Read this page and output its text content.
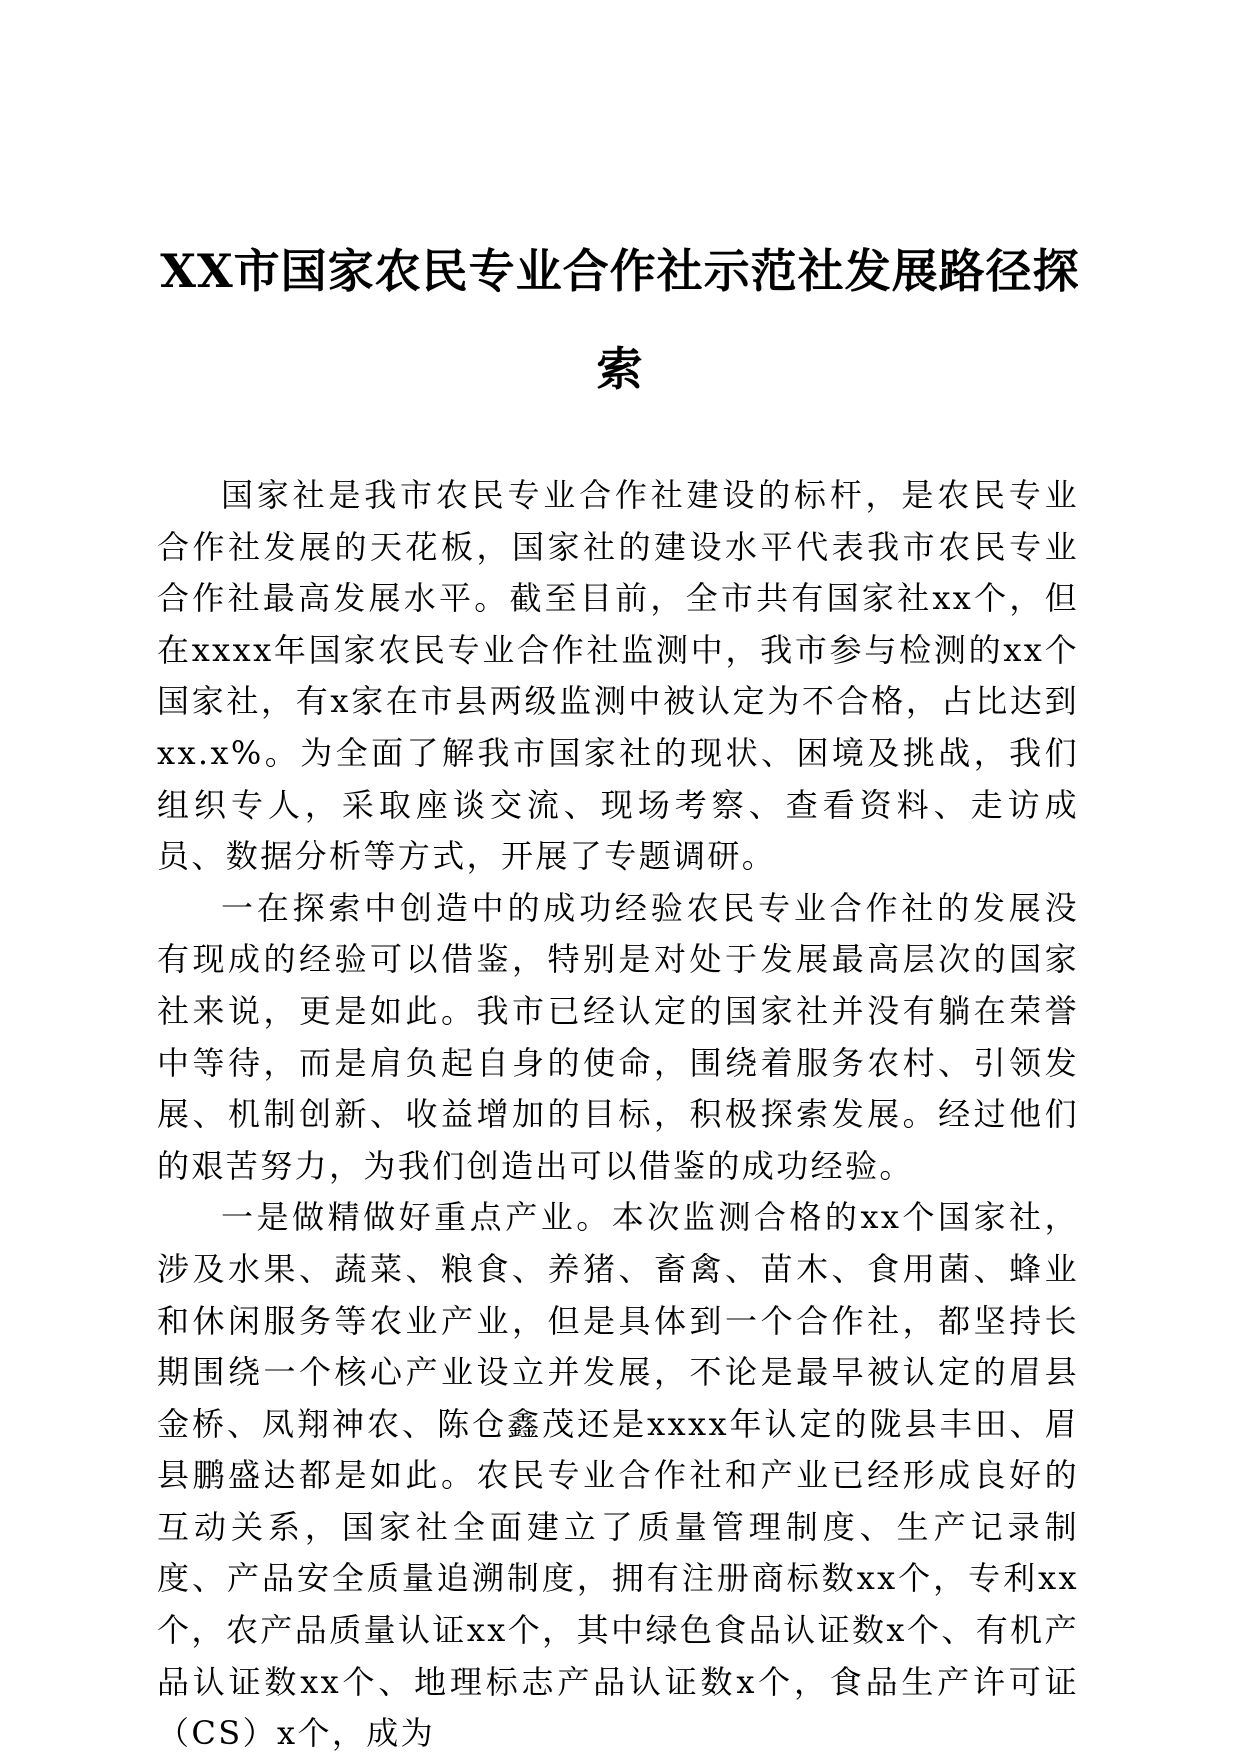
XX市国家农民专业合作社示范社发展路径探索

国家社是我市农民专业合作社建设的标杆，是农民专业合作社发展的天花板，国家社的建设水平代表我市农民专业合作社最高发展水平。截至目前，全市共有国家社xx个，但在xxxx年国家农民专业合作社监测中，我市参与检测的xx个国家社，有x家在市县两级监测中被认定为不合格，占比达到xx.x%。为全面了解我市国家社的现状、困境及挑战，我们组织专人，采取座谈交流、现场考察、查看资料、走访成员、数据分析等方式，开展了专题调研。

一在探索中创造中的成功经验农民专业合作社的发展没有现成的经验可以借鉴，特别是对处于发展最高层次的国家社来说，更是如此。我市已经认定的国家社并没有躺在荣誉中等待，而是肩负起自身的使命，围绕着服务农村、引领发展、机制创新、收益增加的目标，积极探索发展。经过他们的艰苦努力，为我们创造出可以借鉴的成功经验。

一是做精做好重点产业。本次监测合格的xx个国家社，涉及水果、蔬菜、粮食、养猪、畜禽、苗木、食用菌、蜂业和休闲服务等农业产业，但是具体到一个合作社，都坚持长期围绕一个核心产业设立并发展，不论是最早被认定的眉县金桥、凤翔神农、陈仓鑫茂还是xxxx年认定的陇县丰田、眉县鹏盛达都是如此。农民专业合作社和产业已经形成良好的互动关系，国家社全面建立了质量管理制度、生产记录制度、产品安全质量追溯制度，拥有注册商标数xx个，专利xx个，农产品质量认证xx个，其中绿色食品认证数x个、有机产品认证数xx个、地理标志产品认证数x个，食品生产许可证（CS）x个，成为
